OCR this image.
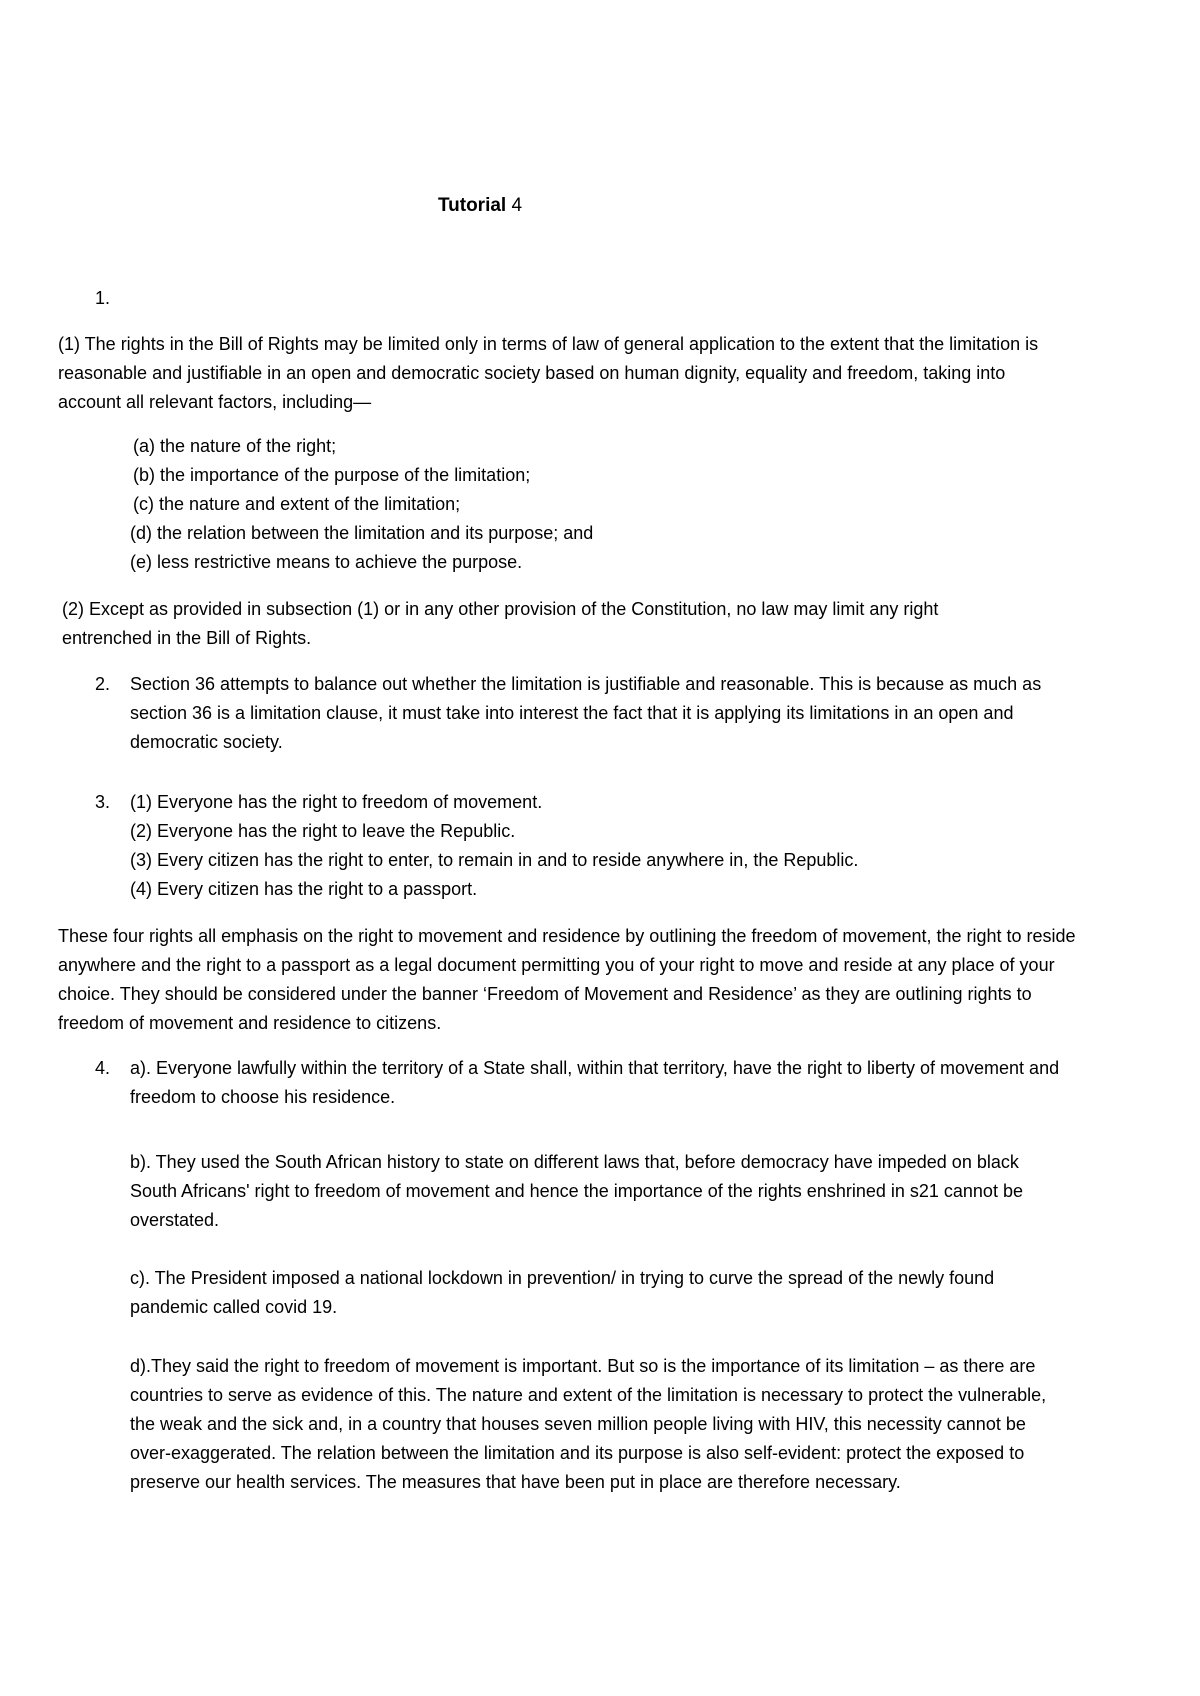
Tutorial 4

1.

(1) The rights in the Bill of Rights may be limited only in terms of law of general application to the extent that the limitation is reasonable and justifiable in an open and democratic society based on human dignity, equality and freedom, taking into account all relevant factors, including—

(a) the nature of the right;

(b) the importance of the purpose of the limitation;

(c) the nature and extent of the limitation;

(d) the relation between the limitation and its purpose; and

(e) less restrictive means to achieve the purpose.

(2) Except as provided in subsection (1) or in any other provision of the Constitution, no law may limit any right entrenched in the Bill of Rights.

2. Section 36 attempts to balance out whether the limitation is justifiable and reasonable. This is because as much as section 36 is a limitation clause, it must take into interest the fact that it is applying its limitations in an open and democratic society.

3. (1) Everyone has the right to freedom of movement.

(2) Everyone has the right to leave the Republic.

(3) Every citizen has the right to enter, to remain in and to reside anywhere in, the Republic.

(4) Every citizen has the right to a passport.

These four rights all emphasis on the right to movement and residence by outlining the freedom of movement, the right to reside anywhere and the right to a passport as a legal document permitting you of your right to move and reside at any place of your choice. They should be considered under the banner ‘Freedom of Movement and Residence’ as they are outlining rights to freedom of movement and residence to citizens.

4. a). Everyone lawfully within the territory of a State shall, within that territory, have the right to liberty of movement and freedom to choose his residence.

b). They used the South African history to state on different laws that, before democracy have impeded on black South Africans' right to freedom of movement and hence the importance of the rights enshrined in s21 cannot be overstated.

c). The President imposed a national lockdown in prevention/ in trying to curve the spread of the newly found pandemic called covid 19.

d).They said the right to freedom of movement is important. But so is the importance of its limitation – as there are countries to serve as evidence of this. The nature and extent of the limitation is necessary to protect the vulnerable, the weak and the sick and, in a country that houses seven million people living with HIV, this necessity cannot be over-exaggerated. The relation between the limitation and its purpose is also self-evident: protect the exposed to preserve our health services. The measures that have been put in place are therefore necessary.
